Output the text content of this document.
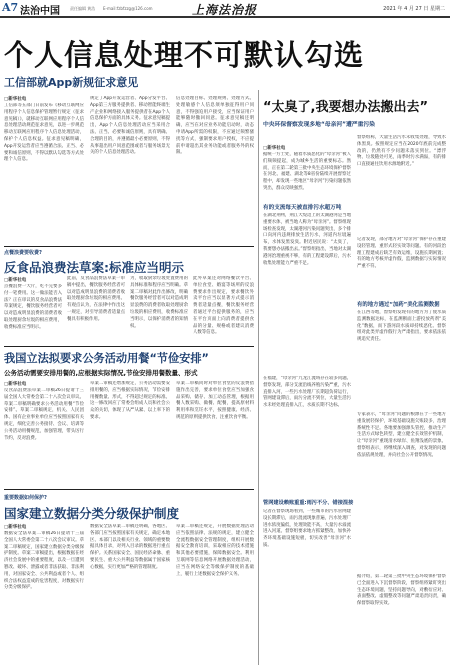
A7 法治中国	责任编辑 黄浩 E-mail:fzbfzzg@126.com	上海法治报	2021 年 4 月 27 日 星期二
个人信息处理不可默认勾选
工信部就App新规征求意见
□新华社电
工信部等五部门日前发布《移动互联网应用程序个人信息保护管理暂行规定（征求意见稿）》，就移动互联网应用程序个人信息处理活动规范征求意见，以进一步规范移动互联网应用程序个人信息处理活动，保护个人信息权益。征求意见稿明确，App开发运营者应当遵循合法、正当、必要和诚信原则，不得以默认勾选等方式处理个人信息。
规定了App开发运营者、App分发平台、App第三方服务提供者、移动智能终端生产企业和网络接入服务提供者在App个人信息保护方面的具体义务。征求意见稿提出，App个人信息处理活动应当采用合法、正当、必要和诚信原则，具有明确、合理的目的，并遵循最小必要原则，不得从事超出用户同意范围或者与服务场景无关的个人信息处理活动。
信息处理目标、处理规则、处理方式。处理敏感个人信息须单独征得用户同意，不得强迫用户接受，应当保证用户能够随时撤回同意。征求意见稿还明确，应当在对应业务功能启动时，动态申请App所需的权限，不应通过频繁骚扰等方式，强制要求用户授权，不应提前申请超出其业务功能或者服务外的权限。
点餐浪费要收费?
反食品浪费法草案:标准应当明示
□新华社电
点餐浪费一大片，吃不完要多付一笔费用。这一做法能否入法？正在审议的反食品浪费法草案规定，餐饮服务经营者可以对造成明显浪费的消费者收取处理厨余垃圾的相应费用，收费标准应当明示。
此前，反食品浪费法草案一审稿中提出，餐饮服务经营者可以对造成明显浪费的消费者收取处理厨余垃圾的相应费用。有观点认为，在法律中作出这一规定，对引导消费者适量点餐具有积极作用。
为，收取厨余垃圾处置费用的具体标准和程序应当明确。草案二审稿对此作出修改，明确餐饮服务经营者可以对造成明显浪费的消费者收取处理厨余垃圾的相应费用，收费标准应当明示，以保护消费者的知情权。
此外草案还对网络餐饮平台、单位食堂、婚宴等场所的反浪费要求作出规定，要求餐饮外卖平台应当以显著方式提示消费者适量点餐，餐饮服务经营者通过平台提供服务的，应当在平台页面上向消费者提供食品的分量、规格或者建议消费人数等信息。
我国立法拟要求公务活动用餐“节俭安排”
公务活动需要安排用餐的,应根据实际情况,节俭安排用餐数量、形式
□新华社电
反食品浪费法草案二审稿26日提请十三届全国人大常委会第二十八次会议审议。草案二审稿明确要求公务活动用餐“节俭安排”。草案二审稿规定，机关、人民团体、国有企业事业单位应当按照国家有关规定，细化完善公务接待、会议、培训等公务活动用餐规范，加强管理，带头厉行节约，反对浪费。
草案二审稿还增加规定，公务活动需要安排用餐的，应当根据实际情况，节俭安排用餐数量、形式，不得超过规定的标准。这一修改回应了常委会组成人员和社会公众的关切，体现了从严从紧、以上率下的要求。
草案二审稿同时对单位食堂的反浪费措施作出完善，要求单位食堂应当加强食品采购、储存、加工动态管理，根据用餐人数采购、做餐、配餐，提高原材料利用率和烹饪水平，按照健康、经济、规范的原则提供饮食，注重饮食平衡。
重要数据如何保护?
国家建立数据分类分级保护制度
□新华社电
数据安全法草案二审稿26日提请十三届全国人大常委会第二十八次会议审议。草案二审稿规定，国家建立数据分类分级保护制度。草案二审稿提出，根据数据在经济社会发展中的重要程度，以及一旦遭到篡改、破坏、泄露或者非法获取、非法利用，对国家安全、公共利益或者个人、组织合法权益造成的危害程度，对数据实行分类分级保护。
数据安全法草案二审稿还明确，各地区、各部门应当按照国家有关规定，确定本地区、本部门以及相关行业、领域的重要数据具体目录，对列入目录的数据进行重点保护。关系国家安全、国民经济命脉、重要民生、重大公共利益等数据属于国家核心数据，实行更加严格的管理制度。
草案二审稿还规定，开展数据处理活动应当依照法律、法规的规定，建立健全全流程数据安全管理制度，组织开展数据安全教育培训，采取相应的技术措施和其他必要措施，保障数据安全。利用互联网等信息网络开展数据处理活动，应当在网络安全等级保护制度的基础上，履行上述数据安全保护义务。
“太臭了,我要想办法搬出去”
中央环保督察发现多地“母亲河”遭严重污染
□新华社电
据统一方士处，随着水质恶化的“母亲河”被人们频频提起，成为城乡生活的重要标志。然而，正在第二轮第三批中央生态环境保护督察在河北、福建、湖北等8省份陆续开展督察过程中，却发现一些地区“母亲河”污染问题依然突出，群众反映强烈。
有的支流每天被直排污水超万吨
在湖北荆州，荆江大堤边上的太湖港河是当地重要水体，被当地人称为“母亲河”。督察组现场检查发现，太湖港河污染问题突出，多个排口向河内违规排放生活污水，河道内垃圾遍布，水体发黑发臭。附近居民说：“太臭了，我要想办法搬出去。”督察组指出，当地对太湖港河治理重视不够，有的工程建设滞后，污水收集处理能力严重不足。
在福建，“母亲河”九龙江流域存在较多问题。督察发现，部分支流沿线养殖污染严重，污水直排入河，一些污水处理厂长期超负荷运行，管网建设滞后，雨污分流不到位，大量生活污水未经处理直排入江，水质长期不达标。
管网建设赖账重重:雨污不分、错接混接
记者在督察现场看到，一些城市的污水管网建设长期滞后，雨污混流现象普遍，污水处理厂进水浓度偏低，处理效能不高，大量污水溢流进入河道。督察组要求地方抓紧整改，加快补齐环境基础设施短板，切实改善“母亲河”水质。
督察组称，大量生活污水未收集处理，导致水体黑臭。按照规定应当在2020年底前完成整改的，仍然有不少问题未落实到位。“漂浮物、垃圾随处可见，雨季时污水满溢，有的排口直接通往饮用水源地附近。”
记者发现，部分地方对“母亲河”保护存在重建设轻管理、重形式轻实效等问题。有的河段治理工程建成后缺乏有效运维，设施长期闲置；有的地方考核弄虚作假，监测数据与实际情况严重不符。
有的地方遇过“加药”美化监测数据
在江西等地，督察组发现有的地方为了使水质监测数据达标，在监测断面上游投放药剂“美化”数据，而下游河段水质却持续恶化。督察组对此类弄虚作假行为严肃指出，要求依法依规追究责任。
专家表示，“母亲河”问题的根源在于一些地方重发展轻保护，环境基础设施欠账较多，治理系统性不足。各地要加强源头管控，推动生产生活方式绿色转型，建立健全长效管护机制，让“母亲河”重现清水绿岸、鱼翔浅底的景象。督察组表示，将继续深入调查，对发现的问题依法依规处理，并向社会公开督察情况。
据介绍，第二轮第三批中央生态环境保护督察已全面进入下沉督察阶段，督察组将紧盯突出生态环境问题，坚持问题导向，对敷衍应对、表面整改、虚假整改等问题严肃追责问责，确保督察取得实效。
